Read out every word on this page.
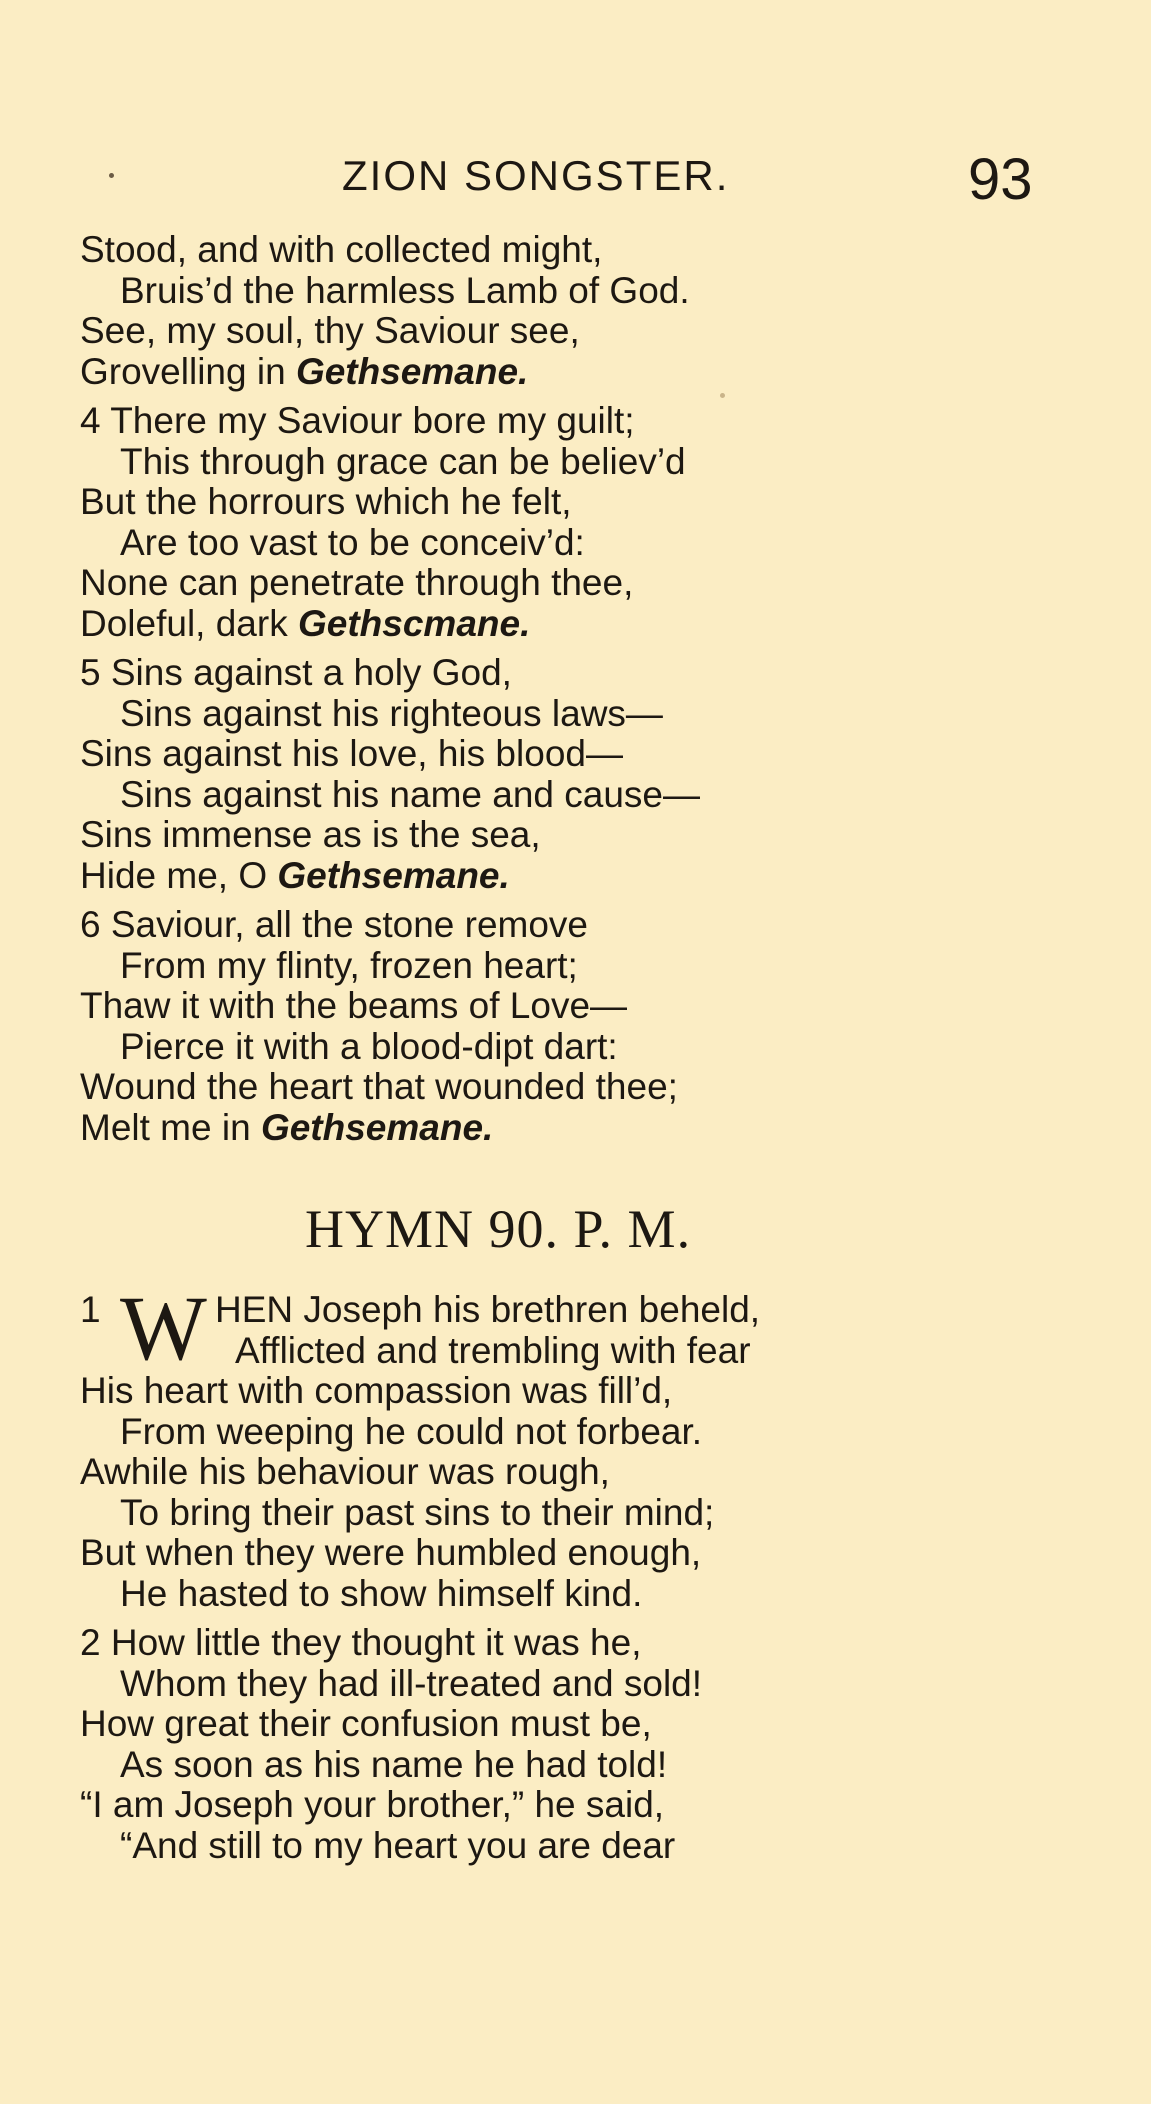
ZION SONGSTER.	93
Stood, and with collected might,
Bruis’d the harmless Lamb of God.
See, my soul, thy Saviour see,
Grovelling in Gethsemane.
4 There my Saviour bore my guilt;
This through grace can be believ’d
But the horrours which he felt,
Are too vast to be conceiv’d:
None can penetrate through thee,
Doleful, dark Gethscmane.
5 Sins against a holy God,
Sins against his righteous laws—
Sins against his love, his blood—
Sins against his name and cause—
Sins immense as is the sea,
Hide me, O Gethsemane.
6 Saviour, all the stone remove
From my flinty, frozen heart;
Thaw it with the beams of Love—
Pierce it with a blood-dipt dart:
Wound the heart that wounded thee;
Melt me in Gethsemane.
HYMN 90. P. M.
1 W HEN Joseph his brethren beheld,
Afflicted and trembling with fear
His heart with compassion was fill’d,
From weeping he could not forbear.
Awhile his behaviour was rough,
To bring their past sins to their mind;
But when they were humbled enough,
He hasted to show himself kind.
2 How little they thought it was he,
Whom they had ill-treated and sold!
How great their confusion must be,
As soon as his name he had told!
“I am Joseph your brother,” he said,
“And still to my heart you are dear
